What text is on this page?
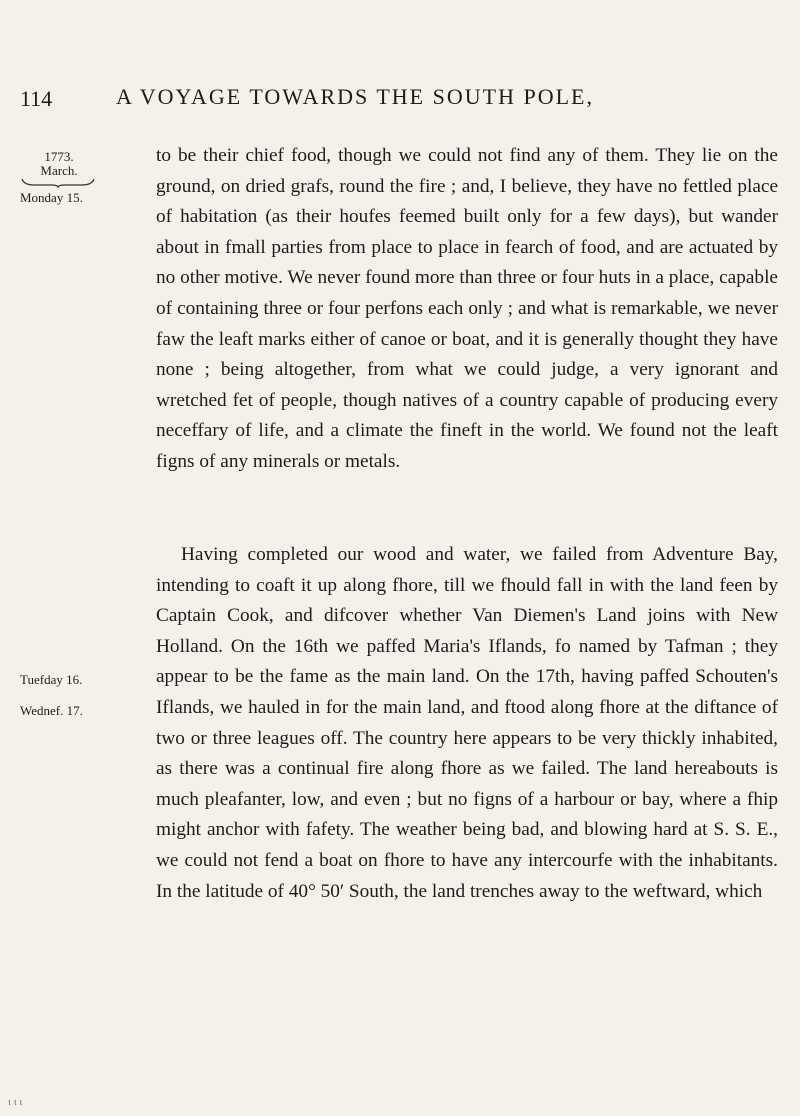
114	A VOYAGE TOWARDS THE SOUTH POLE,
1773.
March.
Monday 15.
Tuefday 16.
Wednef. 17.

to be their chief food, though we could not find any of them. They lie on the ground, on dried grafs, round the fire ; and, I believe, they have no fettled place of habitation (as their houfes feemed built only for a few days), but wander about in fmall parties from place to place in fearch of food, and are actuated by no other motive. We never found more than three or four huts in a place, capable of containing three or four perfons each only ; and what is remarkable, we never faw the leaft marks either of canoe or boat, and it is generally thought they have none ; being altogether, from what we could judge, a very ignorant and wretched fet of people, though natives of a country capable of producing every neceffary of life, and a climate the fineft in the world. We found not the leaft figns of any minerals or metals.

Having completed our wood and water, we failed from Adventure Bay, intending to coaft it up along fhore, till we fhould fall in with the land feen by Captain Cook, and difcover whether Van Diemen's Land joins with New Holland. On the 16th we paffed Maria's Iflands, fo named by Tafman ; they appear to be the fame as the main land. On the 17th, having paffed Schouten's Iflands, we hauled in for the main land, and ftood along fhore at the diftance of two or three leagues off. The country here appears to be very thickly inhabited, as there was a continual fire along fhore as we failed. The land hereabouts is much pleafanter, low, and even ; but no figns of a harbour or bay, where a fhip might anchor with fafety. The weather being bad, and blowing hard at S. S. E., we could not fend a boat on fhore to have any intercourfe with the inhabitants. In the latitude of 40° 50′ South, the land trenches away to the weftward, which

ι ι ι
